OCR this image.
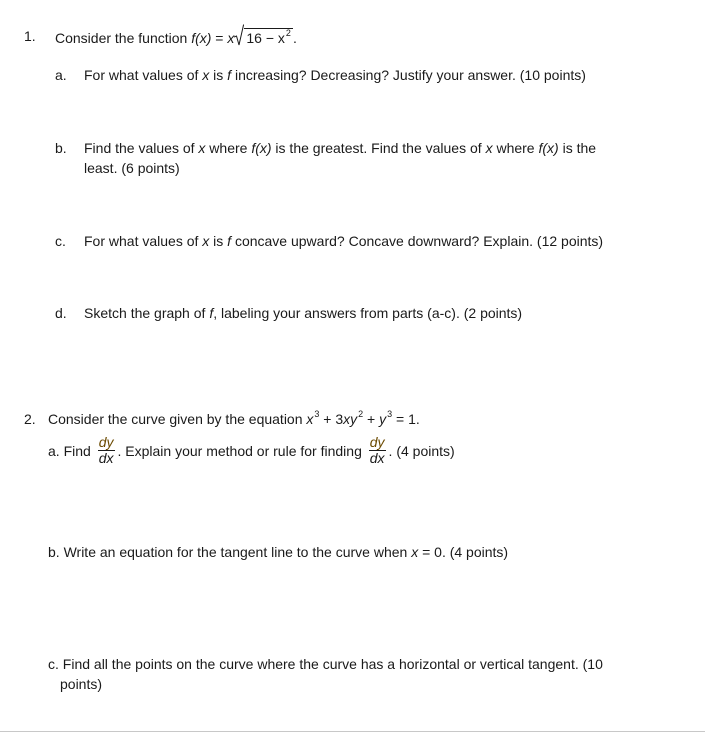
1. Consider the function f(x) = x $16 - x^2$ .
a. For what values of x is f increasing? Decreasing? Justify your answer. (10 points)
b. Find the values of x where f(x) is the greatest. Find the values of x where f(x) is the
least. (6 points)
c. For what values of x is f concave upward? Concave downward? Explain. (12 points)
d. Sketch the graph of f, labeling your answers from parts (a-c). (2 points)
2. Consider the curve given by the equation $x^3 + 3xy^2 + y^3 = 1$.
a. Find $\frac{dy}{dx}$ . Explain your method or rule for finding $\frac{dy}{dx}$ . (4 points)
b. Write an equation for the tangent line to the curve when x = 0. (4 points)
c. Find all the points on the curve where the curve has a horizontal or vertical tangent. (10
points)
